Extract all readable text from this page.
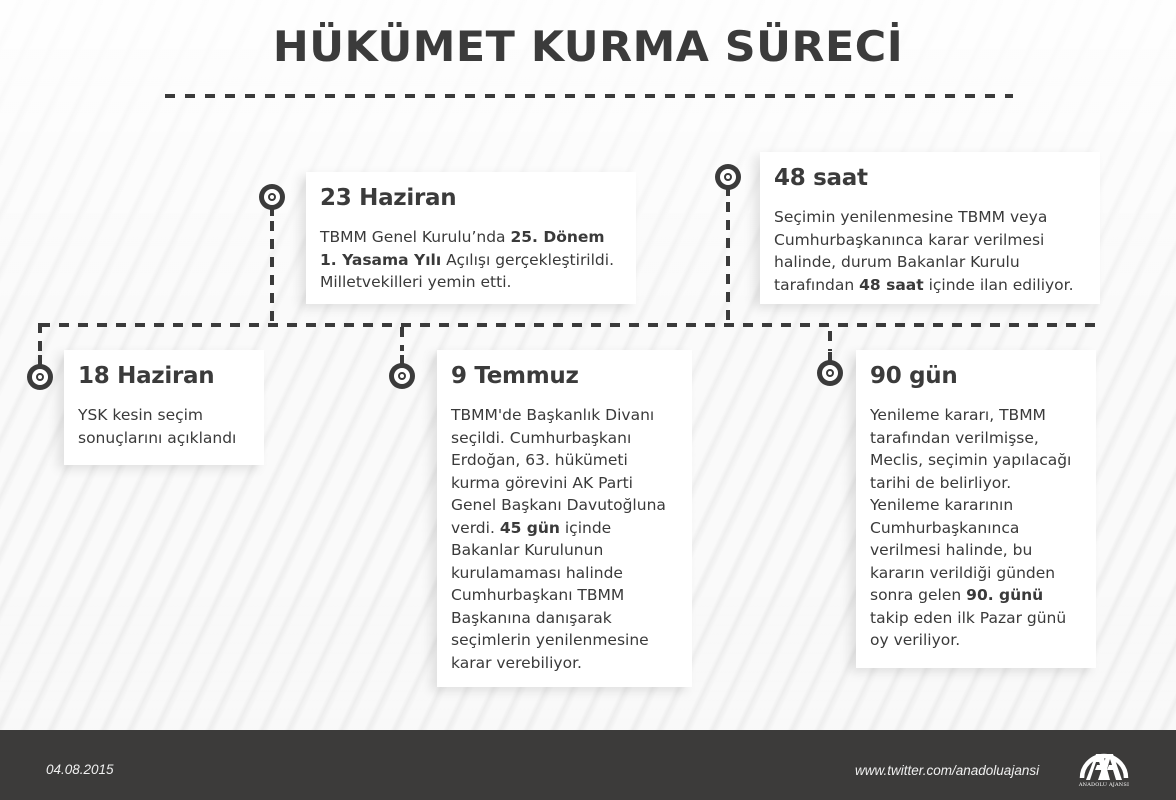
HÜKÜMET KURMA SÜRECİ
23 Haziran
TBMM Genel Kurulu’nda 25. Dönem 1. Yasama Yılı Açılışı gerçekleştirildi. Milletvekilleri yemin etti.
48 saat
Seçimin yenilenmesine TBMM veya Cumhurbaşkanınca karar verilmesi halinde, durum Bakanlar Kurulu tarafından 48 saat içinde ilan ediliyor.
18 Haziran
YSK kesin seçim sonuçlarını açıklandı
9 Temmuz
TBMM'de Başkanlık Divanı seçildi. Cumhurbaşkanı Erdoğan, 63. hükümeti kurma görevini AK Parti Genel Başkanı Davutoğluna verdi. 45 gün içinde Bakanlar Kurulunun kurulamaması halinde Cumhurbaşkanı TBMM Başkanına danışarak seçimlerin yenilenmesine karar verebiliyor.
90 gün
Yenileme kararı, TBMM tarafından verilmişse, Meclis, seçimin yapılacağı tarihi de belirliyor. Yenileme kararının Cumhurbaşkanınca verilmesi halinde, bu kararın verildiği günden sonra gelen 90. günü takip eden ilk Pazar günü oy veriliyor.
04.08.2015	www.twitter.com/anadoluajansi
ANADOLU AJANSI
